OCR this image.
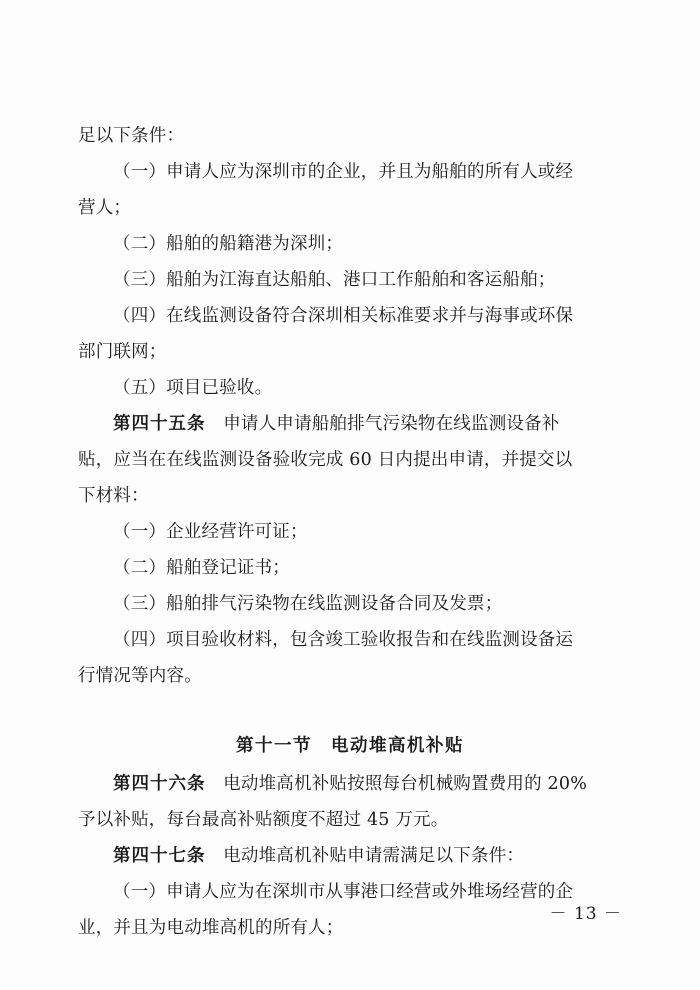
足以下条件：

（一）申请人应为深圳市的企业，并且为船舶的所有人或经

营人；

（二）船舶的船籍港为深圳；

（三）船舶为江海直达船舶、港口工作船舶和客运船舶；

（四）在线监测设备符合深圳相关标准要求并与海事或环保

部门联网；

（五）项目已验收。

第四十五条　申请人申请船舶排气污染物在线监测设备补

贴，应当在在线监测设备验收完成 60 日内提出申请，并提交以

下材料：

（一）企业经营许可证；

（二）船舶登记证书；

（三）船舶排气污染物在线监测设备合同及发票；

（四）项目验收材料，包含竣工验收报告和在线监测设备运

行情况等内容。

第十一节　电动堆高机补贴

第四十六条　电动堆高机补贴按照每台机械购置费用的 20%

予以补贴，每台最高补贴额度不超过 45 万元。

第四十七条　电动堆高机补贴申请需满足以下条件：

（一）申请人应为在深圳市从事港口经营或外堆场经营的企

业，并且为电动堆高机的所有人；

－ 13 －
